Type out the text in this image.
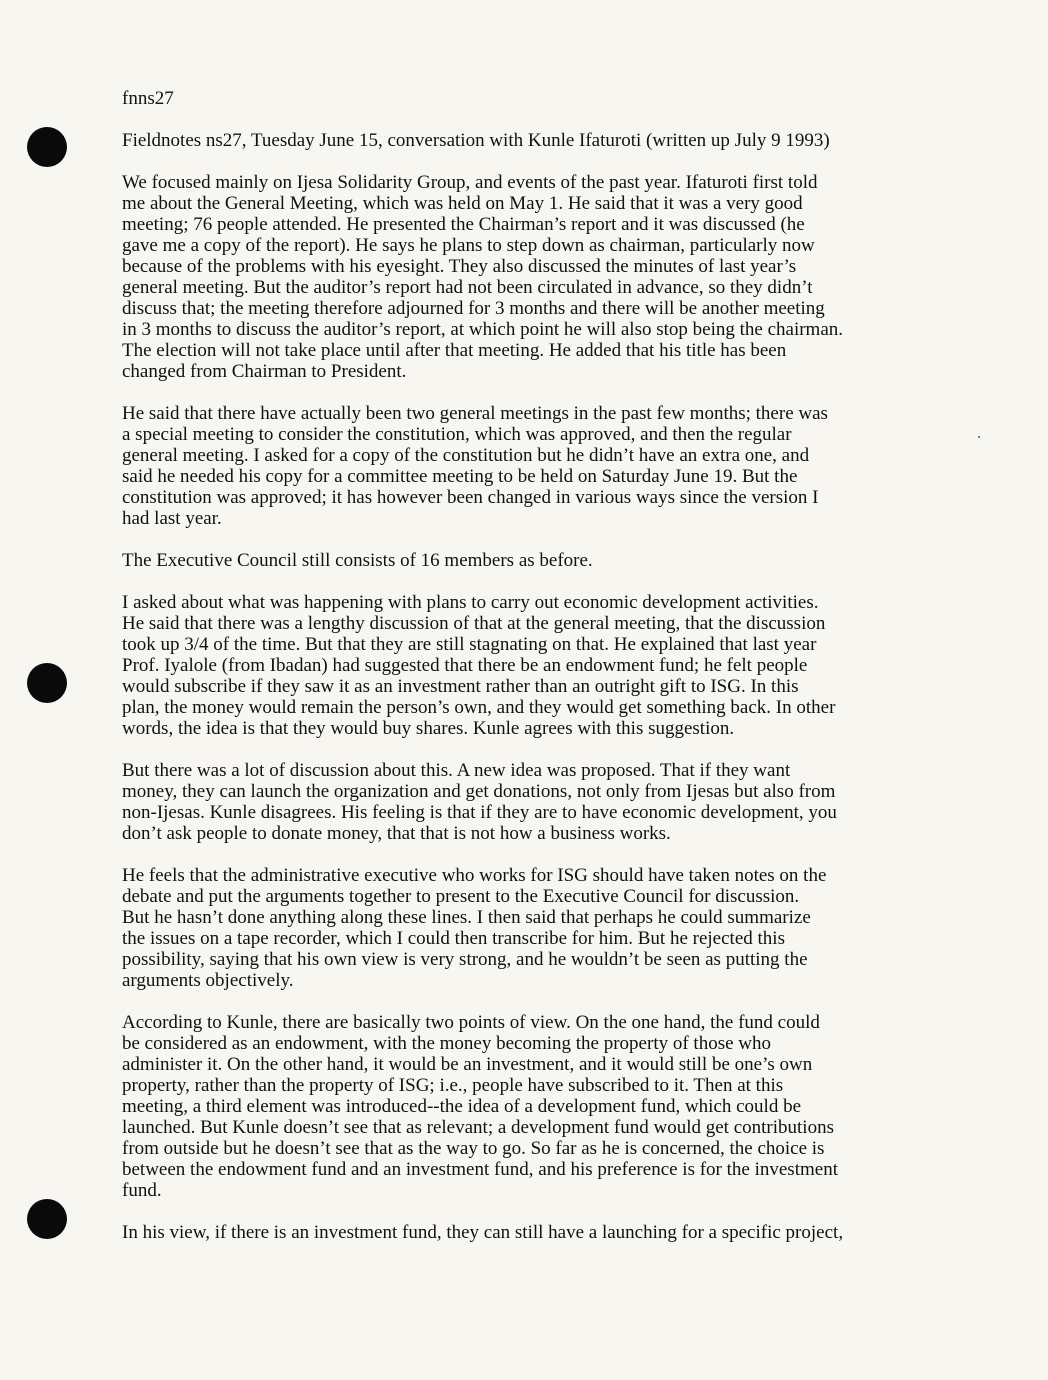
fnns27
Fieldnotes ns27, Tuesday June 15, conversation with Kunle Ifaturoti (written up July 9 1993)
We focused mainly on Ijesa Solidarity Group, and events of the past year. Ifaturoti first told
me about the General Meeting, which was held on May 1. He said that it was a very good
meeting; 76 people attended. He presented the Chairman’s report and it was discussed (he
gave me a copy of the report). He says he plans to step down as chairman, particularly now
because of the problems with his eyesight. They also discussed the minutes of last year’s
general meeting. But the auditor’s report had not been circulated in advance, so they didn’t
discuss that; the meeting therefore adjourned for 3 months and there will be another meeting
in 3 months to discuss the auditor’s report, at which point he will also stop being the chairman.
The election will not take place until after that meeting. He added that his title has been
changed from Chairman to President.
He said that there have actually been two general meetings in the past few months; there was
a special meeting to consider the constitution, which was approved, and then the regular
general meeting. I asked for a copy of the constitution but he didn’t have an extra one, and
said he needed his copy for a committee meeting to be held on Saturday June 19. But the
constitution was approved; it has however been changed in various ways since the version I
had last year.
The Executive Council still consists of 16 members as before.
I asked about what was happening with plans to carry out economic development activities.
He said that there was a lengthy discussion of that at the general meeting, that the discussion
took up 3/4 of the time. But that they are still stagnating on that. He explained that last year
Prof. Iyalole (from Ibadan) had suggested that there be an endowment fund; he felt people
would subscribe if they saw it as an investment rather than an outright gift to ISG. In this
plan, the money would remain the person’s own, and they would get something back. In other
words, the idea is that they would buy shares. Kunle agrees with this suggestion.
But there was a lot of discussion about this. A new idea was proposed. That if they want
money, they can launch the organization and get donations, not only from Ijesas but also from
non-Ijesas. Kunle disagrees. His feeling is that if they are to have economic development, you
don’t ask people to donate money, that that is not how a business works.
He feels that the administrative executive who works for ISG should have taken notes on the
debate and put the arguments together to present to the Executive Council for discussion.
But he hasn’t done anything along these lines. I then said that perhaps he could summarize
the issues on a tape recorder, which I could then transcribe for him. But he rejected this
possibility, saying that his own view is very strong, and he wouldn’t be seen as putting the
arguments objectively.
According to Kunle, there are basically two points of view. On the one hand, the fund could
be considered as an endowment, with the money becoming the property of those who
administer it. On the other hand, it would be an investment, and it would still be one’s own
property, rather than the property of ISG; i.e., people have subscribed to it. Then at this
meeting, a third element was introduced--the idea of a development fund, which could be
launched. But Kunle doesn’t see that as relevant; a development fund would get contributions
from outside but he doesn’t see that as the way to go. So far as he is concerned, the choice is
between the endowment fund and an investment fund, and his preference is for the investment
fund.
In his view, if there is an investment fund, they can still have a launching for a specific project,
